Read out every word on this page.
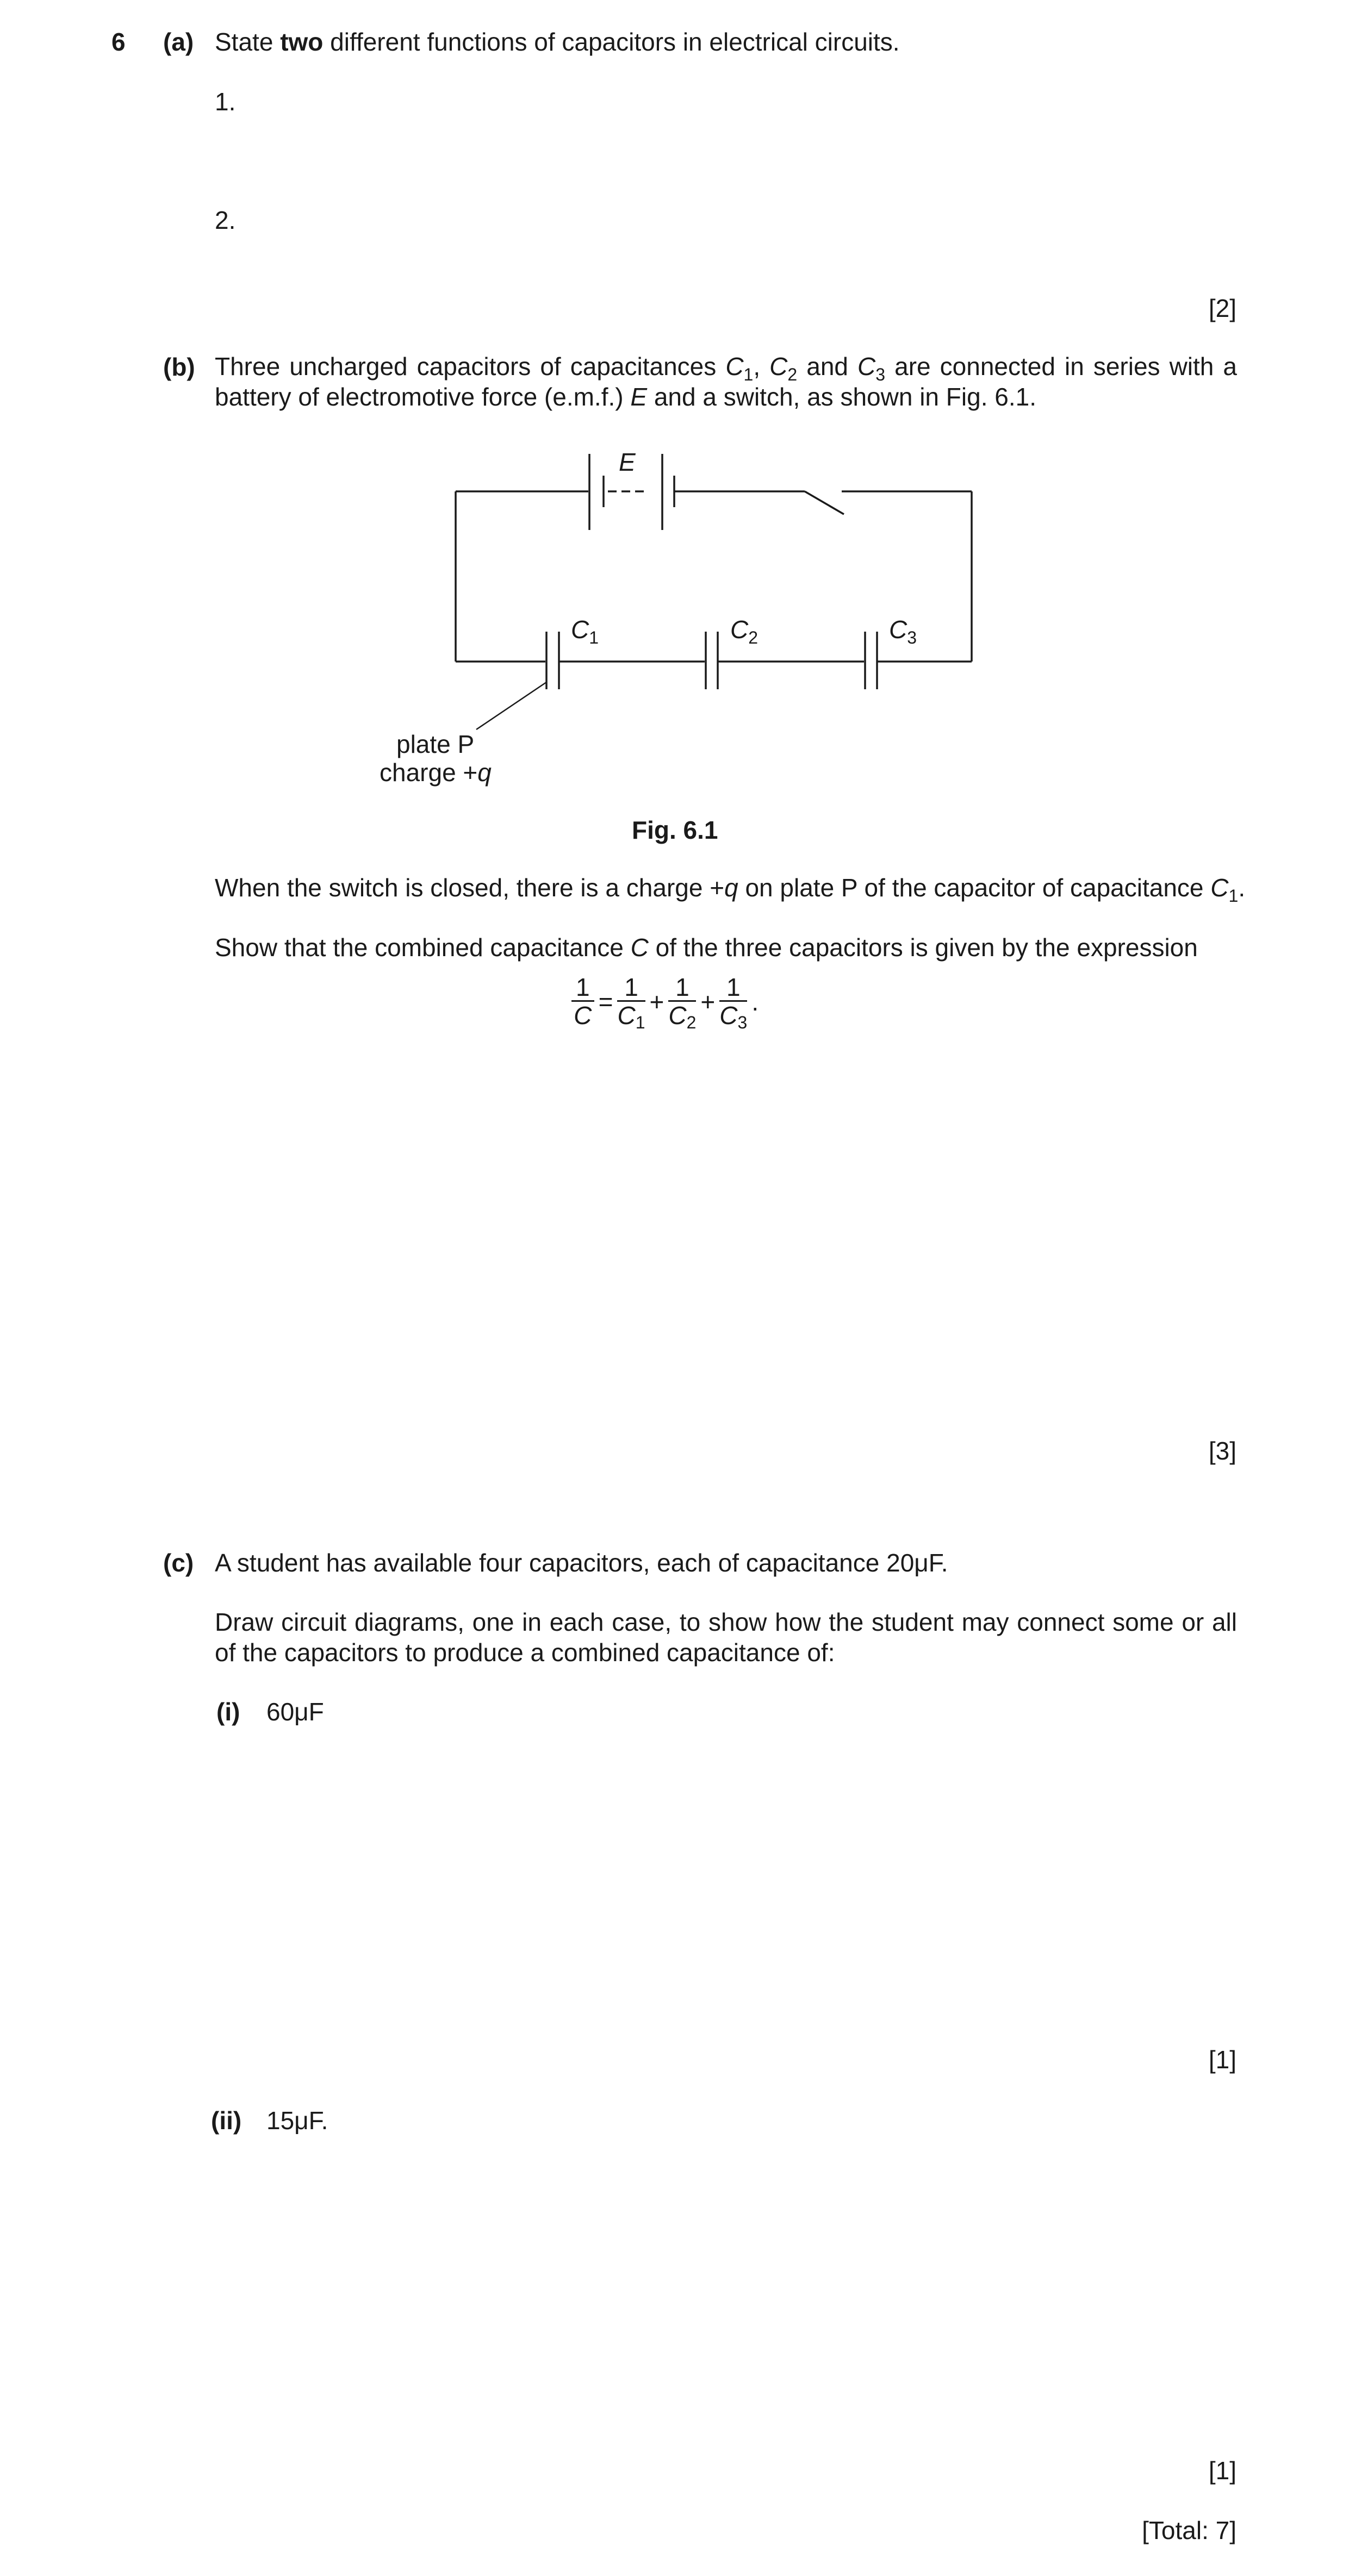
6 (a) State two different functions of capacitors in electrical circuits.
1.
2.
[2]
(b) Three uncharged capacitors of capacitances $C_1$, $C_2$ and $C_3$ are connected in series with a battery of electromotive force (e.m.f.) E and a switch, as shown in Fig. 6.1.
E
$C_1$	$C_2$	$C_3$
plate P
charge +q
Fig. 6.1
When the switch is closed, there is a charge +q on plate P of the capacitor of capacitance $C_1$.
Show that the combined capacitance C of the three capacitors is given by the expression
$\frac{1}{C} = \frac{1}{C_1} + \frac{1}{C_2} + \frac{1}{C_3}$ .
[3]
(c) A student has available four capacitors, each of capacitance 20μF.
Draw circuit diagrams, one in each case, to show how the student may connect some or all of the capacitors to produce a combined capacitance of:
(i) 60μF
[1]
(ii) 15μF.
[1]
[Total: 7]
